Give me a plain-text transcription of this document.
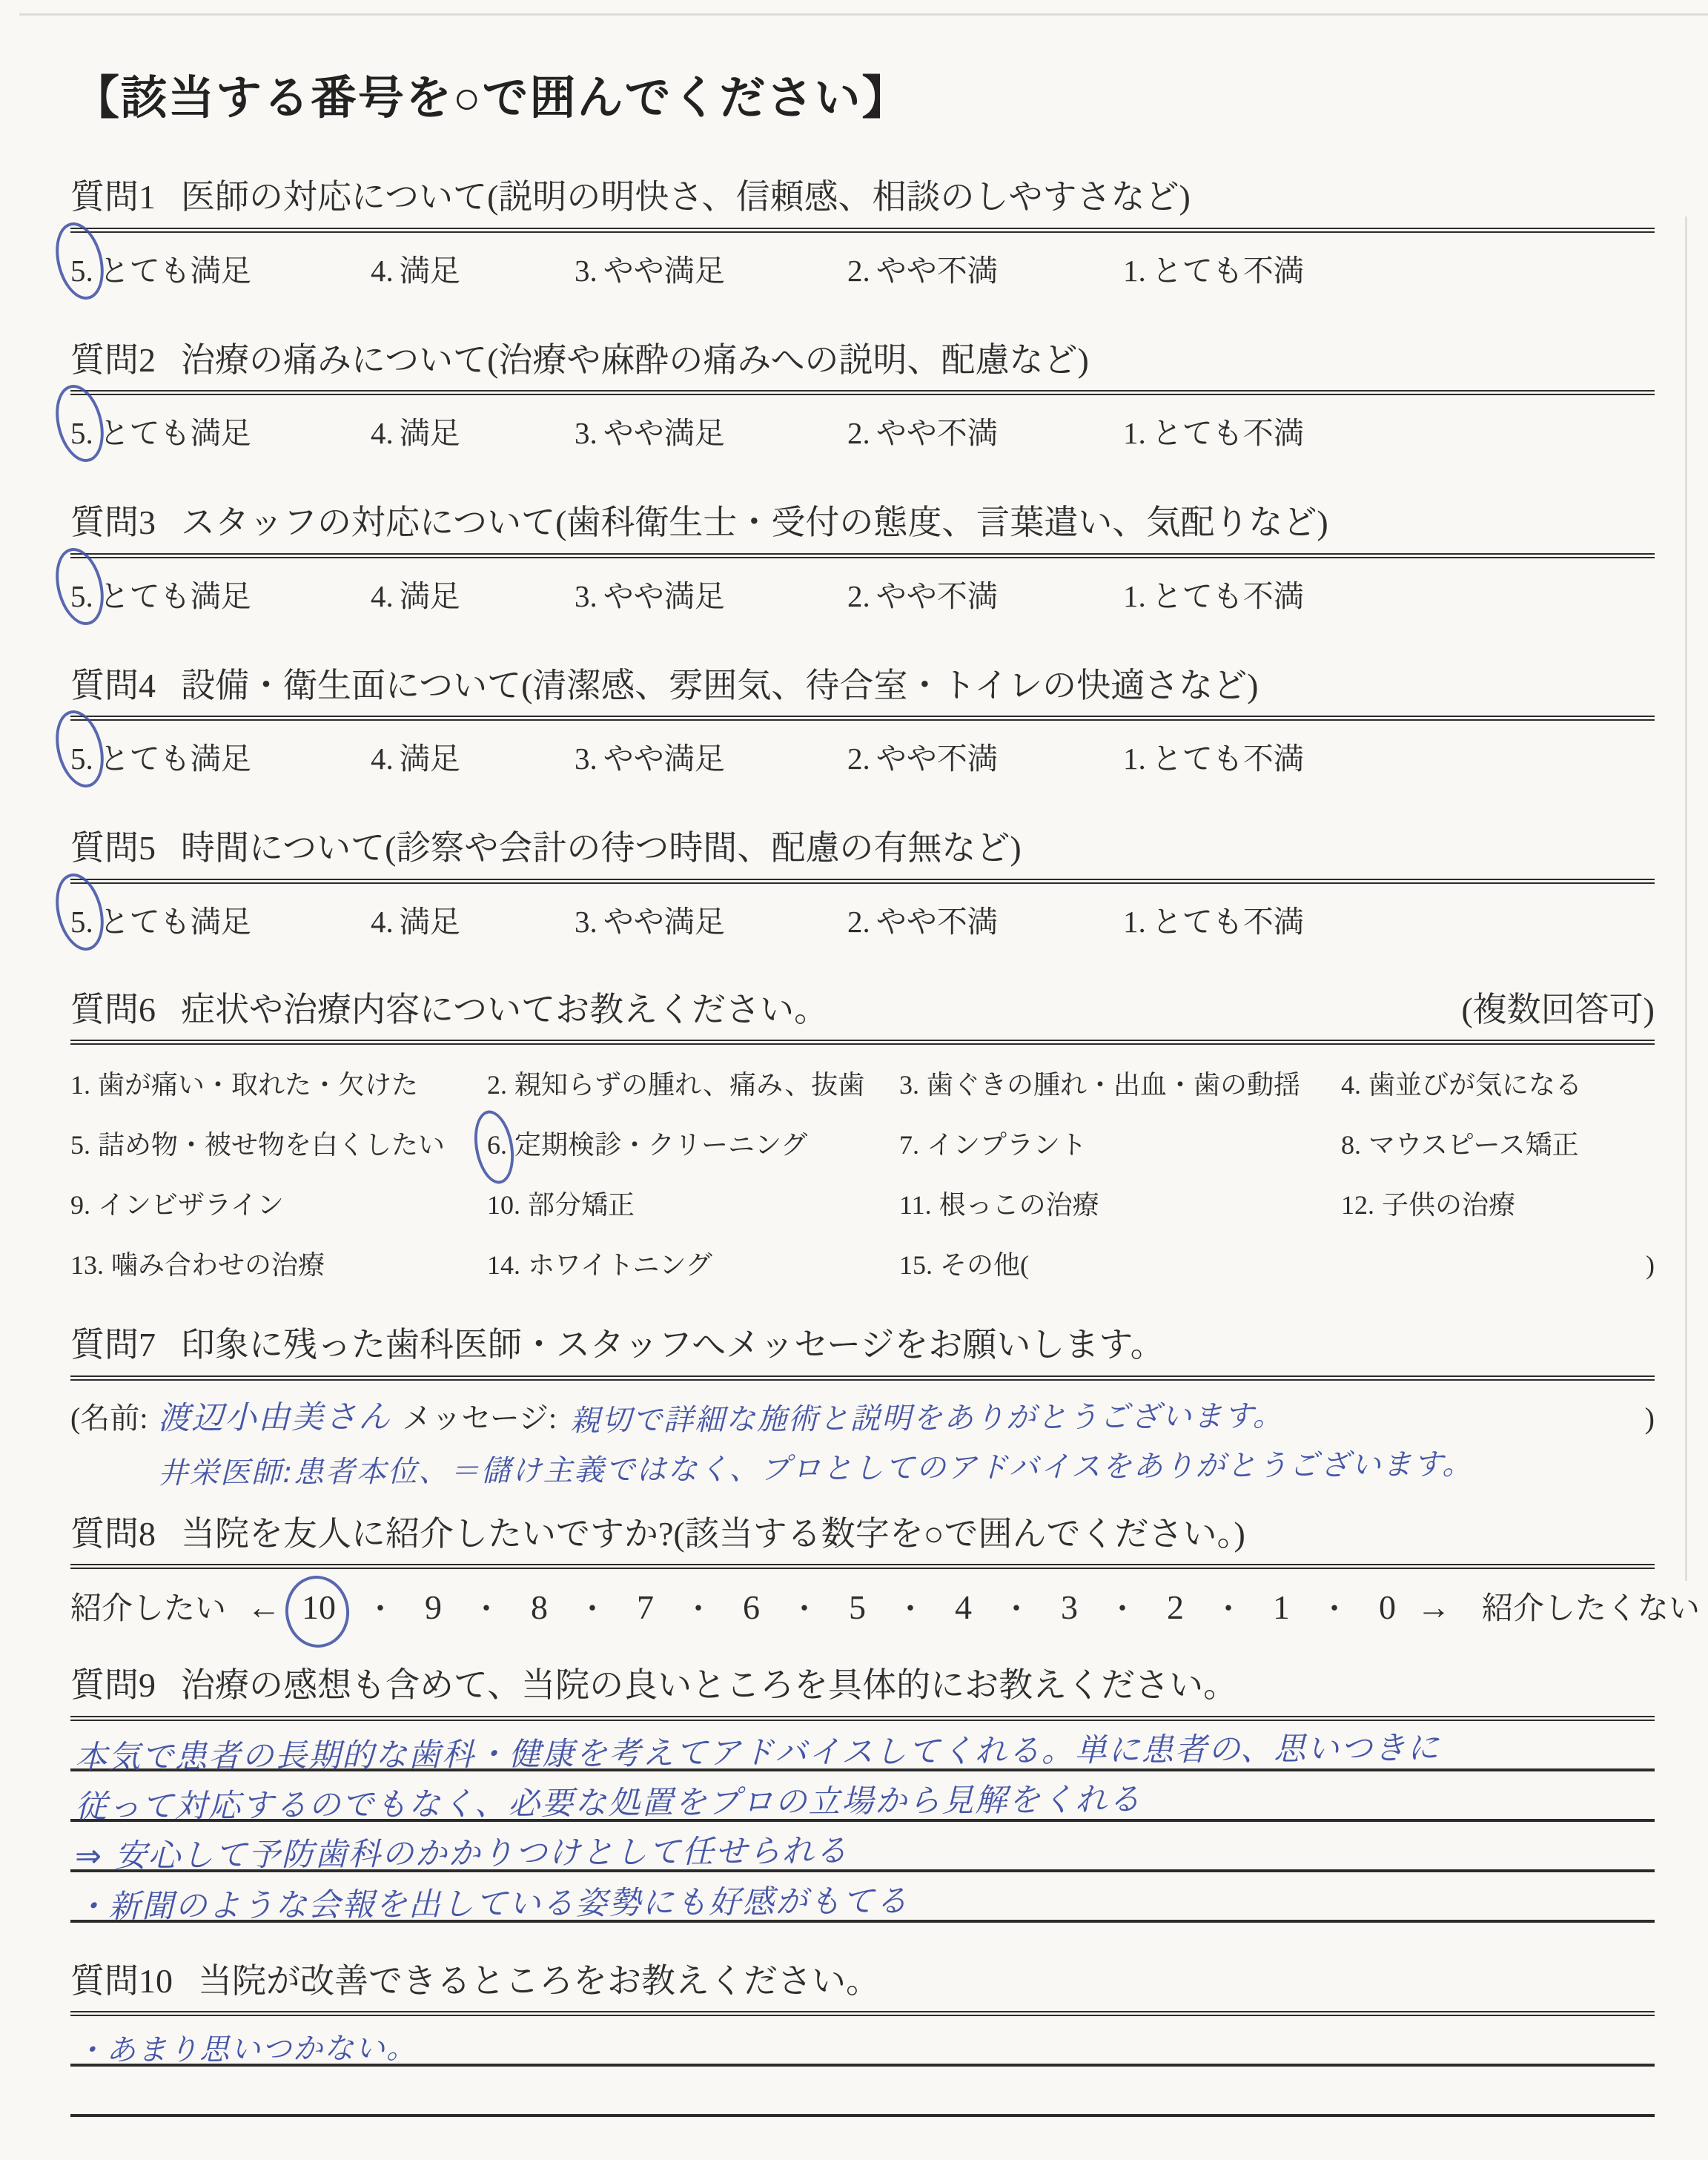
【該当する番号を○で囲んでください】
質問1 医師の対応について(説明の明快さ、信頼感、相談のしやすさなど)
5. とても満足	4. 満足	3. やや満足	2. やや不満	1. とても不満
質問2 治療の痛みについて(治療や麻酔の痛みへの説明、配慮など)
5. とても満足	4. 満足	3. やや満足	2. やや不満	1. とても不満
質問3 スタッフの対応について(歯科衛生士・受付の態度、言葉遣い、気配りなど)
5. とても満足	4. 満足	3. やや満足	2. やや不満	1. とても不満
質問4 設備・衛生面について(清潔感、雰囲気、待合室・トイレの快適さなど)
5. とても満足	4. 満足	3. やや満足	2. やや不満	1. とても不満
質問5 時間について(診察や会計の待つ時間、配慮の有無など)
5. とても満足	4. 満足	3. やや満足	2. やや不満	1. とても不満
質問6 症状や治療内容についてお教えください。	(複数回答可)
1. 歯が痛い・取れた・欠けた	2. 親知らずの腫れ、痛み、抜歯	3. 歯ぐきの腫れ・出血・歯の動揺	4. 歯並びが気になる
5. 詰め物・被せ物を白くしたい	6. 定期検診・クリーニング	7. インプラント	8. マウスピース矯正
9. インビザライン	10. 部分矯正	11. 根っこの治療	12. 子供の治療
13. 噛み合わせの治療	14. ホワイトニング	15. その他(	)
質問7 印象に残った歯科医師・スタッフへメッセージをお願いします。
(名前: 渡辺小由美さん メッセージ: 親切で詳細な施術と説明をありがとうございます。	)
井栄医師:患者本位、＝儲け主義ではなく、プロとしてのアドバイスをありがとうございます。
質問8 当院を友人に紹介したいですか?(該当する数字を○で囲んでください。)
紹介したい ← 10 ・ 9 ・ 8 ・ 7 ・ 6 ・ 5 ・ 4 ・ 3 ・ 2 ・ 1 ・ 0 → 紹介したくない
質問9 治療の感想も含めて、当院の良いところを具体的にお教えください。
本気で患者の長期的な歯科・健康を考えてアドバイスしてくれる。単に患者の、思いつきに
従って対応するのでもなく、必要な処置をプロの立場から見解をくれる
⇒ 安心して予防歯科のかかりつけとして任せられる
・新聞のような会報を出している姿勢にも好感がもてる
質問10 当院が改善できるところをお教えください。
・あまり思いつかない。
